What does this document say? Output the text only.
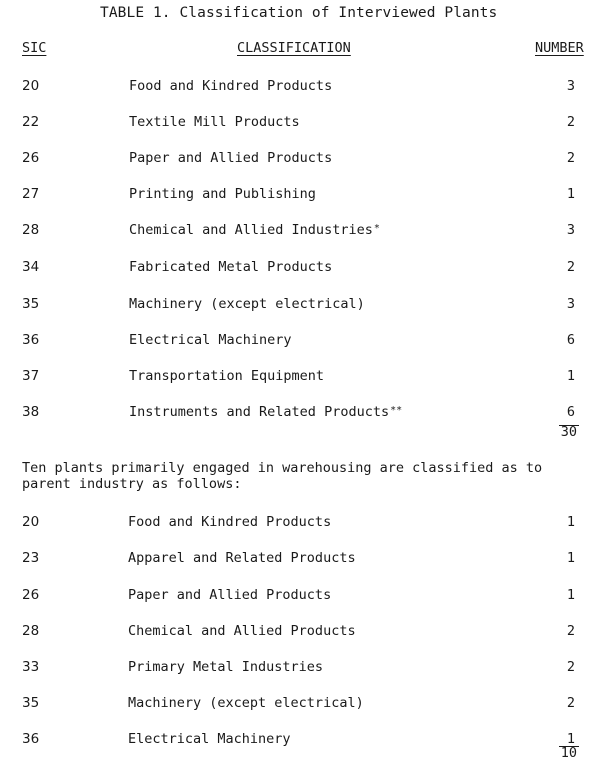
TABLE 1. Classification of Interviewed Plants
SIC	CLASSIFICATION	NUMBER
20	Food and Kindred Products	3
22	Textile Mill Products	2
26	Paper and Allied Products	2
27	Printing and Publishing	1
28	Chemical and Allied Industries*	3
34	Fabricated Metal Products	2
35	Machinery (except electrical)	3
36	Electrical Machinery	6
37	Transportation Equipment	1
38	Instruments and Related Products**	6
30
Ten plants primarily engaged in warehousing are classified as to
parent industry as follows:
20	Food and Kindred Products	1
23	Apparel and Related Products	1
26	Paper and Allied Products	1
28	Chemical and Allied Products	2
33	Primary Metal Industries	2
35	Machinery (except electrical)	2
36	Electrical Machinery	1
10
